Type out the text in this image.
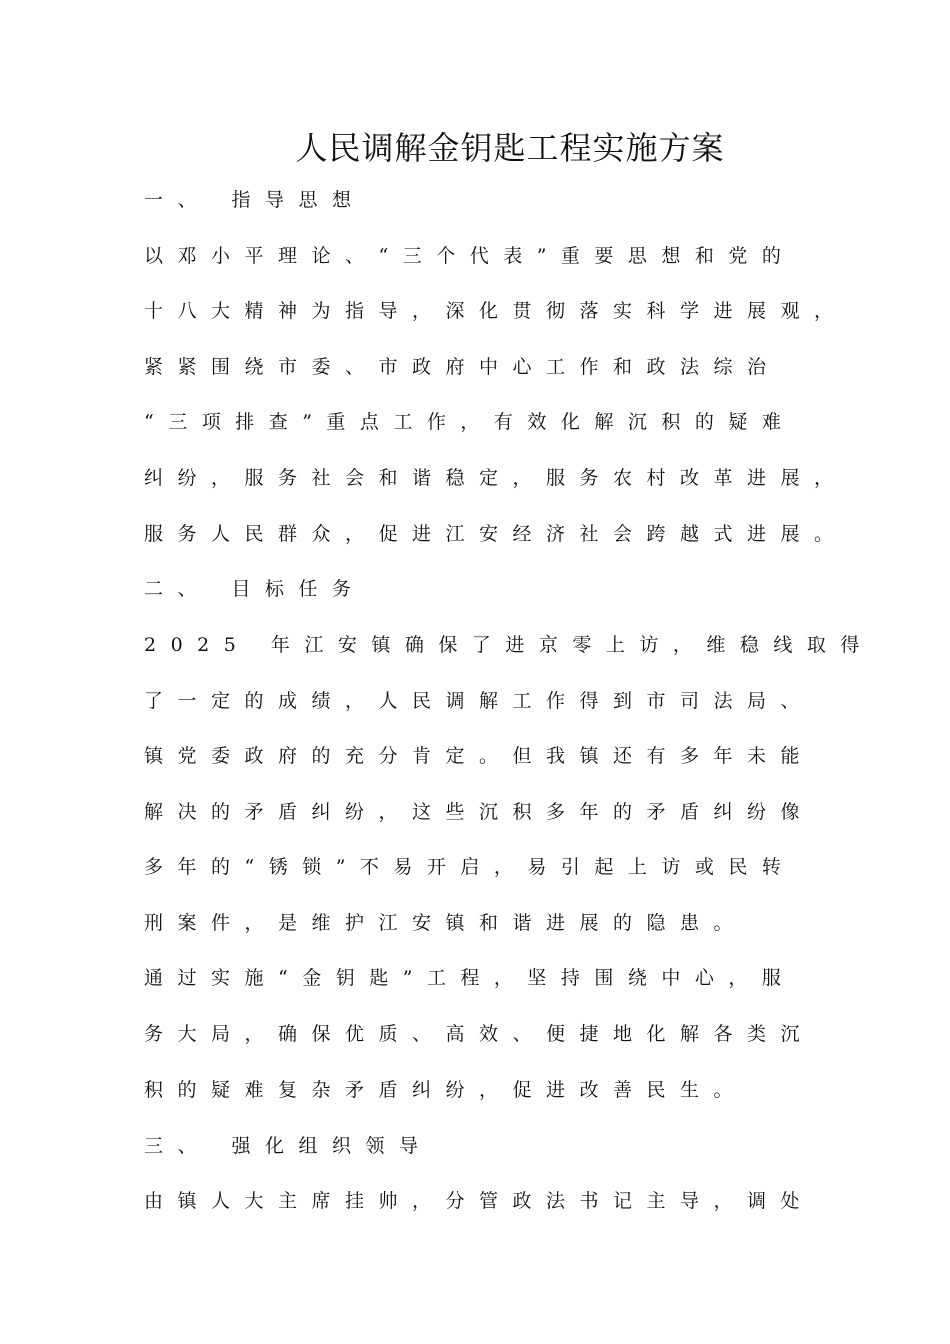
人民调解金钥匙工程实施方案
一、 指导思想
以邓小平理论、“三个代表”重要思想和党的
十八大精神为指导，深化贯彻落实科学进展观，
紧紧围绕市委、市政府中心工作和政法综治
“三项排查”重点工作，有效化解沉积的疑难
纠纷，服务社会和谐稳定，服务农村改革进展，
服务人民群众，促进江安经济社会跨越式进展。
二、 目标任务
2025 年江安镇确保了进京零上访，维稳线取得
了一定的成绩，人民调解工作得到市司法局、
镇党委政府的充分肯定。但我镇还有多年未能
解决的矛盾纠纷，这些沉积多年的矛盾纠纷像
多年的“锈锁”不易开启，易引起上访或民转
刑案件，是维护江安镇和谐进展的隐患。
通过实施“金钥匙”工程，坚持围绕中心，服
务大局，确保优质、高效、便捷地化解各类沉
积的疑难复杂矛盾纠纷，促进改善民生。
三、 强化组织领导
由镇人大主席挂帅，分管政法书记主导，调处
